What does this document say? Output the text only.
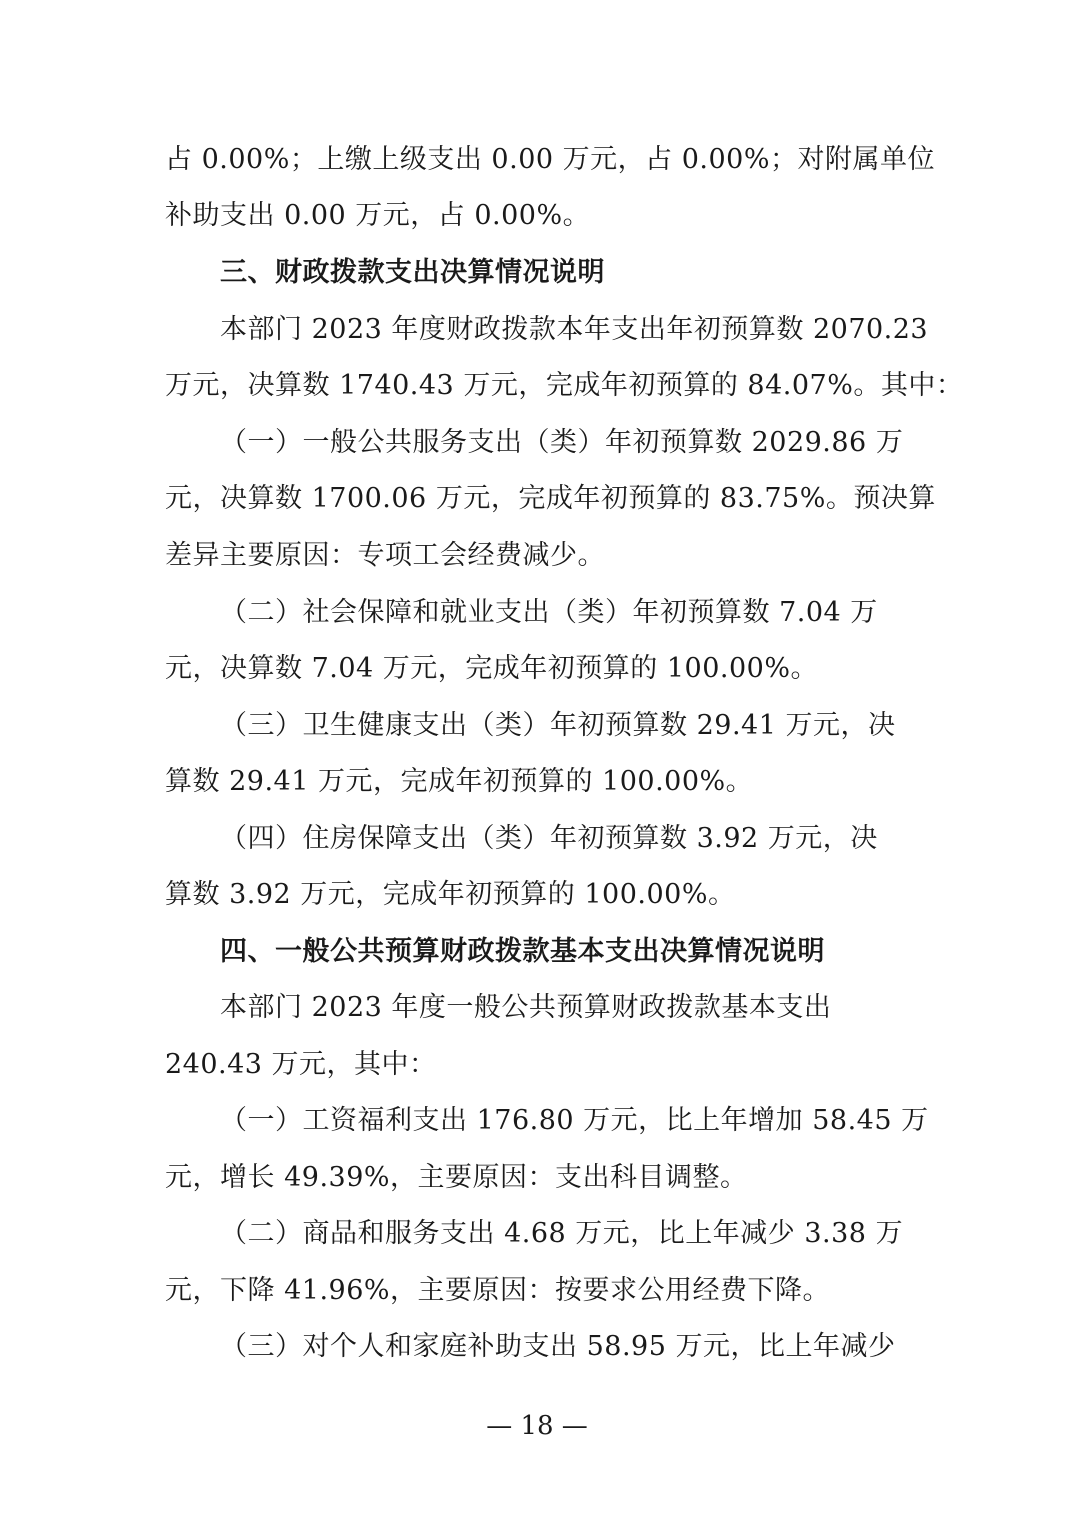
占 0.00%；上缴上级支出 0.00 万元，占 0.00%；对附属单位
补助支出 0.00 万元，占 0.00%。
三、财政拨款支出决算情况说明
本部门 2023 年度财政拨款本年支出年初预算数 2070.23
万元，决算数 1740.43 万元，完成年初预算的 84.07%。其中：
（一）一般公共服务支出（类）年初预算数 2029.86 万
元，决算数 1700.06 万元，完成年初预算的 83.75%。预决算
差异主要原因：专项工会经费减少。
（二）社会保障和就业支出（类）年初预算数 7.04 万
元，决算数 7.04 万元，完成年初预算的 100.00%。
（三）卫生健康支出（类）年初预算数 29.41 万元，决
算数 29.41 万元，完成年初预算的 100.00%。
（四）住房保障支出（类）年初预算数 3.92 万元，决
算数 3.92 万元，完成年初预算的 100.00%。
四、一般公共预算财政拨款基本支出决算情况说明
本部门 2023 年度一般公共预算财政拨款基本支出
240.43 万元，其中：
（一）工资福利支出 176.80 万元，比上年增加 58.45 万
元，增长 49.39%，主要原因：支出科目调整。
（二）商品和服务支出 4.68 万元，比上年减少 3.38 万
元，下降 41.96%，主要原因：按要求公用经费下降。
（三）对个人和家庭补助支出 58.95 万元，比上年减少
— 18 —
